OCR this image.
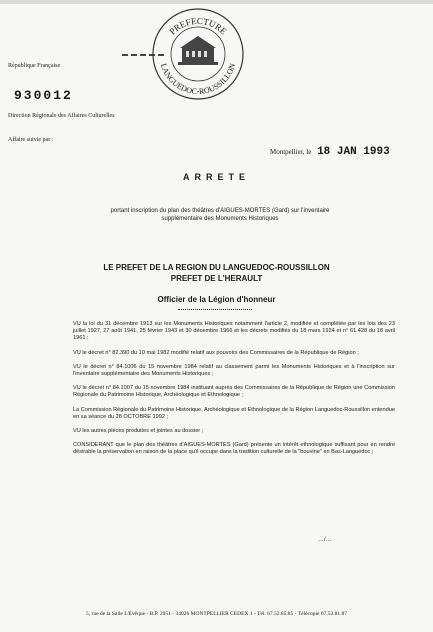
PREFECTURE
LANGUEDOC-ROUSSILLON
République Française
930012
Direction Régionale des Affaires Culturelles
Affaire suivie par :
Montpellier, le 18 JAN 1993
ARRETE
portant inscription du plan des théâtres d'AIGUES-MORTES (Gard) sur l'inventaire supplémentaire des Monuments Historiques
LE PREFET DE LA REGION DU LANGUEDOC-ROUSSILLON
PREFET DE L'HERAULT
Officier de la Légion d'honneur

VU la loi du 31 décembre 1913 sur les Monuments Historiques notamment l'article 2, modifiée et complétée par les lois des 23 juillet 1927, 27 août 1941, 25 février 1943 et 30 décembre 1966 et les décrets modifiés du 18 mars 1924 et n° 61.428 du 18 avril 1961 ;

VU le décret n° 82.390 du 10 mai 1982 modifié relatif aux pouvoirs des Commissaires de la République de Région ;

VU le décret n° 84.1006 du 15 novembre 1984 relatif au classement parmi les Monuments Historiques et à l'inscription sur l'inventaire supplémentaire des Monuments Historiques ;

VU le décret n° 84.1007 du 15 novembre 1984 instituant auprès des Commissaires de la République de Région une Commission Régionale du Patrimoine Historique, Archéologique et Ethnologique ;

La Commission Régionale du Patrimoine Historique, Archéologique et Ethnologique de la Région Languedoc-Roussillon entendue en sa séance du 28 OCTOBRE 1992 ;

VU les autres pièces produites et jointes au dossier ;

CONSIDERANT que le plan des théâtres d'AIGUES-MORTES (Gard) présente un intérêt ethnologique suffisant pour en rendre désirable la préservation en raison de la place qu'il occupe dans la tradition culturelle de la "bouvine" en Bas-Languedoc ;

…/…
5, rue de la Salle L'Evêque - B.P. 2051 - 34026 MONTPELLIER CEDEX 1 - Tél. 67.52.85.85 - Télécopie 67.52.81.87
